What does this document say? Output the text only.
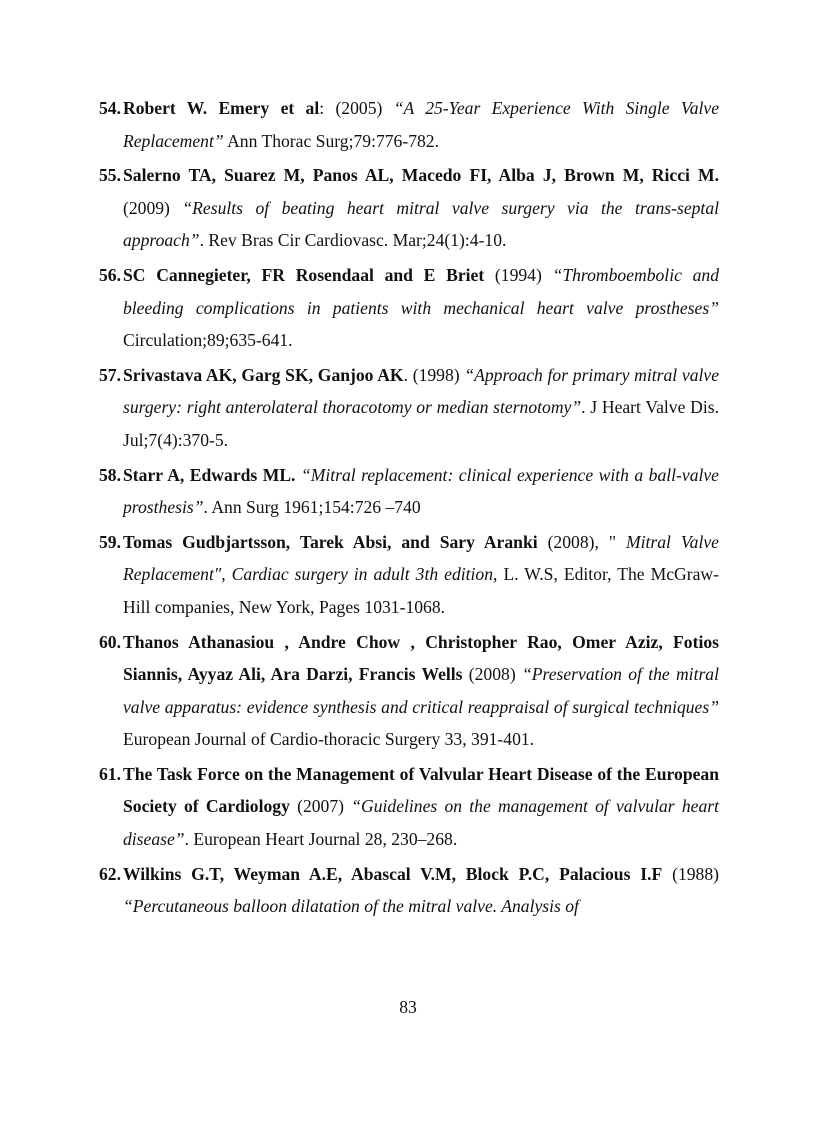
54. Robert W. Emery et al: (2005) “A 25-Year Experience With Single Valve Replacement” Ann Thorac Surg;79:776-782.
55. Salerno TA, Suarez M, Panos AL, Macedo FI, Alba J, Brown M, Ricci M. (2009) “Results of beating heart mitral valve surgery via the trans-septal approach”. Rev Bras Cir Cardiovasc. Mar;24(1):4-10.
56. SC Cannegieter, FR Rosendaal and E Briet (1994) “Thromboembolic and bleeding complications in patients with mechanical heart valve prostheses” Circulation;89;635-641.
57. Srivastava AK, Garg SK, Ganjoo AK. (1998) “Approach for primary mitral valve surgery: right anterolateral thoracotomy or median sternotomy”. J Heart Valve Dis. Jul;7(4):370-5.
58. Starr A, Edwards ML. “Mitral replacement: clinical experience with a ball-valve prosthesis”. Ann Surg 1961;154:726 –740
59. Tomas Gudbjartsson, Tarek Absi, and Sary Aranki (2008), " Mitral Valve Replacement", Cardiac surgery in adult 3th edition, L. W.S, Editor, The McGraw-Hill companies, New York, Pages 1031-1068.
60. Thanos Athanasiou , Andre Chow , Christopher Rao, Omer Aziz, Fotios Siannis, Ayyaz Ali, Ara Darzi, Francis Wells (2008) “Preservation of the mitral valve apparatus: evidence synthesis and critical reappraisal of surgical techniques” European Journal of Cardio-thoracic Surgery 33, 391-401.
61. The Task Force on the Management of Valvular Heart Disease of the European Society of Cardiology (2007) “Guidelines on the management of valvular heart disease”. European Heart Journal 28, 230–268.
62. Wilkins G.T, Weyman A.E, Abascal V.M, Block P.C, Palacious I.F (1988) “Percutaneous balloon dilatation of the mitral valve. Analysis of
83
